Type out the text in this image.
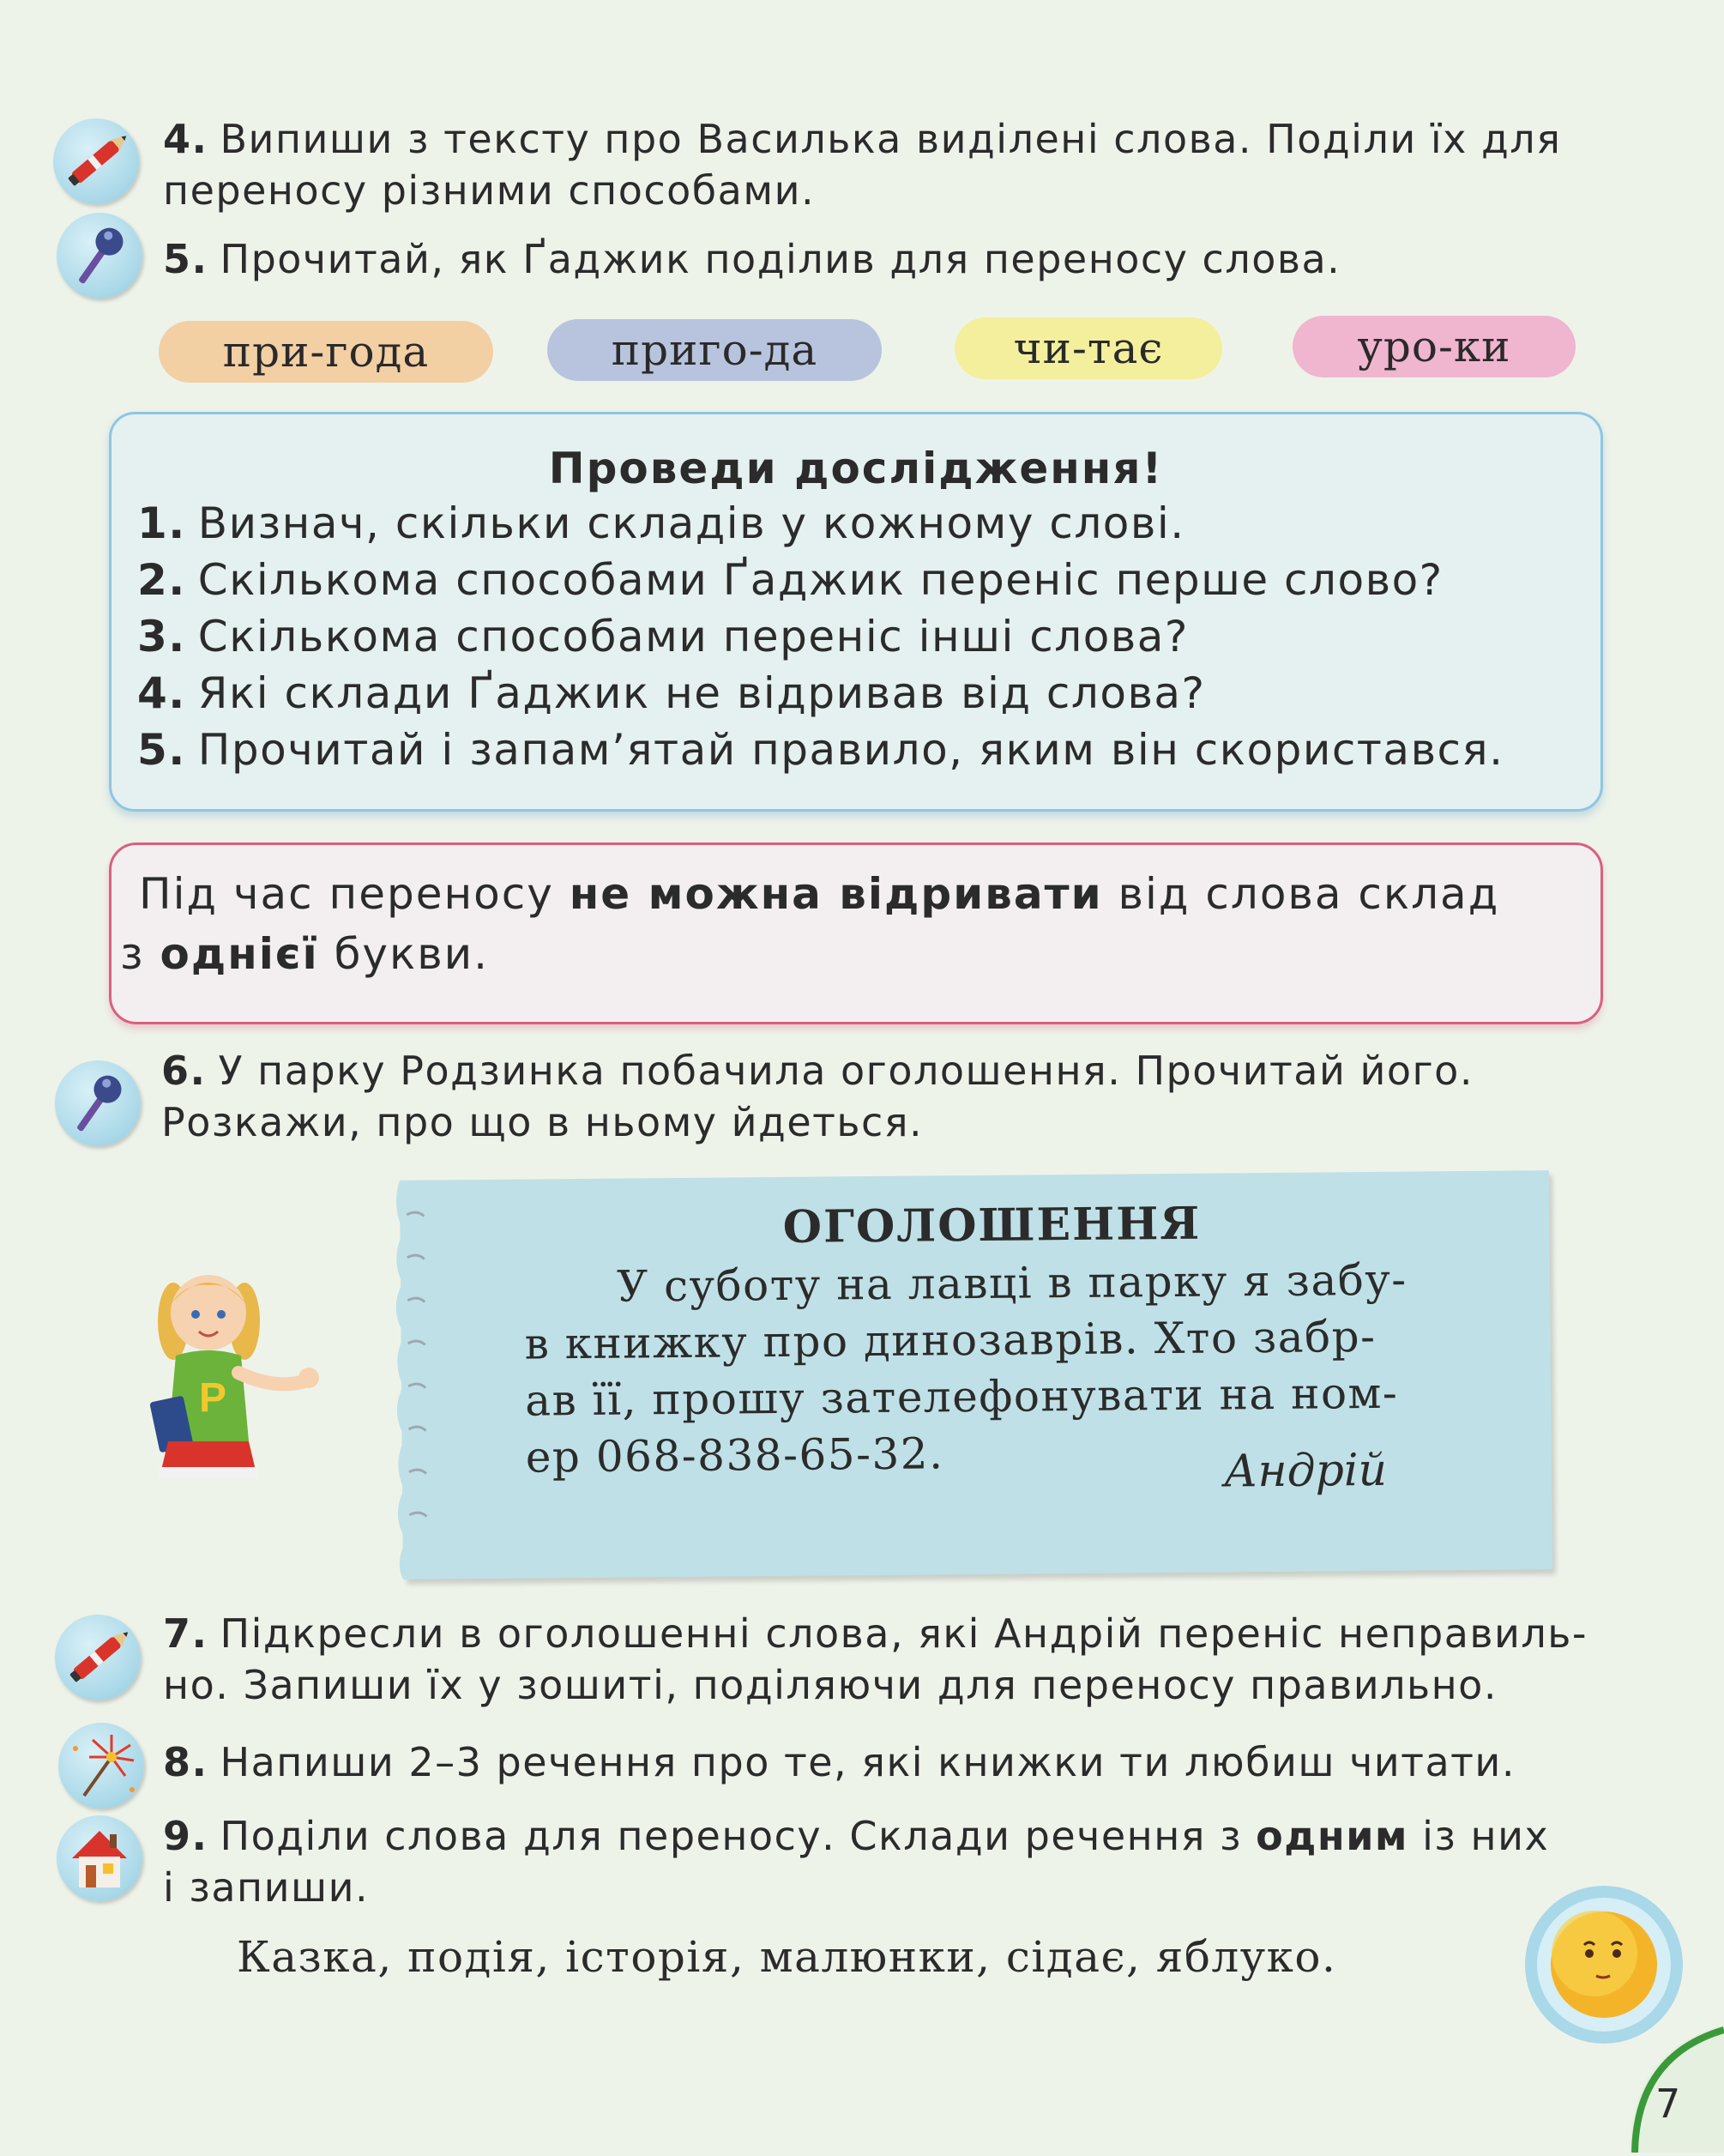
4. Випиши з тексту про Василька виділені слова. Поділи їх для
переносу різними способами.
5. Прочитай, як Ґаджик поділив для переносу слова.
при-года	приго-да	чи-тає	уро-ки
Проведи дослідження!
1. Визнач, скільки складів у кожному слові.
2. Скількома способами Ґаджик переніс перше слово?
3. Скількома способами переніс інші слова?
4. Які склади Ґаджик не відривав від слова?
5. Прочитай і запам’ятай правило, яким він скористався.
Під час переносу не можна відривати від слова склад
з однієї букви.
6. У парку Родзинка побачила оголошення. Прочитай його.
Розкажи, про що в ньому йдеться.
Р
ОГОЛОШЕННЯ
У суботу на лавці в парку я забу-
в книжку про динозаврів. Хто забр-
ав її, прошу зателефонувати на ном-
ер 068-838-65-32.	Андрій
7. Підкресли в оголошенні слова, які Андрій переніс неправиль-
но. Запиши їх у зошиті, поділяючи для переносу правильно.
8. Напиши 2–3 речення про те, які книжки ти любиш читати.
9. Поділи слова для переносу. Склади речення з одним із них
і запиши.
Казка, подія, історія, малюнки, сідає, яблуко.
7
